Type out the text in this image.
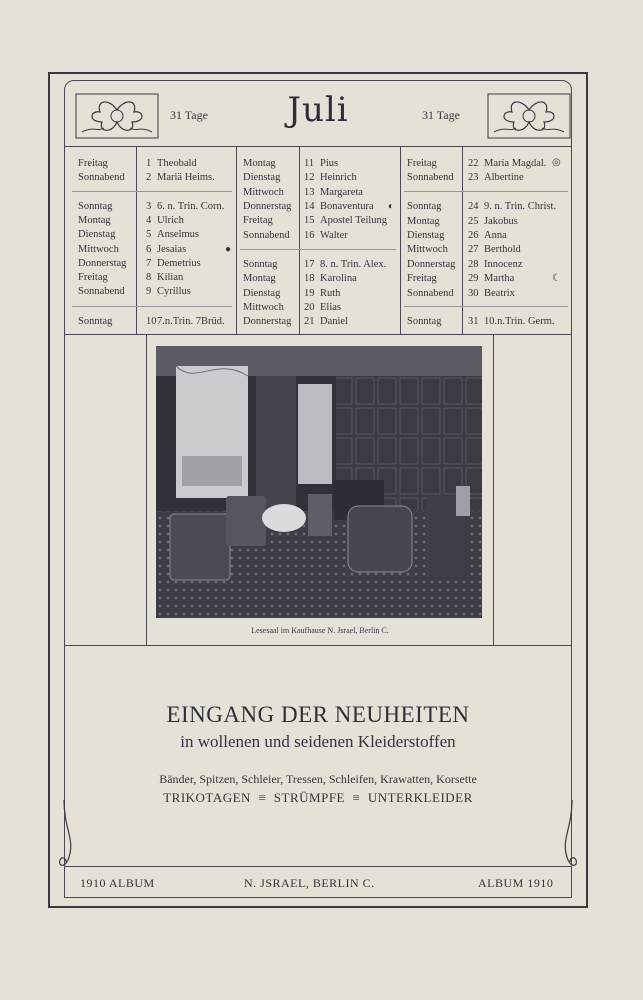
31 Tage	Juli	31 Tage
Freitag	1 Theobald
Sonnabend 2 Mariä Heims.
Sonntag	3 6. n. Trin. Corn.
Montag	4 Ulrich
Dienstag	5 Anselmus
Mittwoch	6 Jesaias
Donnerstag 7 Demetrius
Freitag	8 Kilian
Sonnabend 9 Cyrillus
Sonntag	10 7.n.Trin. 7Brüd.
Montag	11 Pius
Dienstag 12 Heinrich
Mittwoch 13 Margareta
Donnerstag 14 Bonaventura
Freitag	15 Apostel Teilung
Sonnabend 16 Walter
Sonntag	17 8. n. Trin. Alex.
Montag	18 Karolina
Dienstag 19 Ruth
Mittwoch 20 Elias
Donnerstag 21 Daniel
Freitag	22 Maria Magdal.
Sonnabend 23 Albertine
Sonntag	24 9. n. Trin. Christ.
Montag	25 Jakobus
Dienstag 26 Anna
Mittwoch 27 Berthold
Donnerstag 28 Innocenz
Freitag	29 Martha
Sonnabend 30 Beatrix
Sonntag	31 10.n.Trin. Germ.
●
◐
◎
☾
Lesesaal im Kaufhause N. Jsrael, Berlin C.
EINGANG DER NEUHEITEN
in wollenen und seidenen Kleiderstoffen
Bänder, Spitzen, Schleier, Tressen, Schleifen, Krawatten, Korsette
TRIKOTAGEN  ≡  STRÜMPFE  ≡  UNTERKLEIDER
1910 ALBUM	N. JSRAEL, BERLIN C.	ALBUM 1910
